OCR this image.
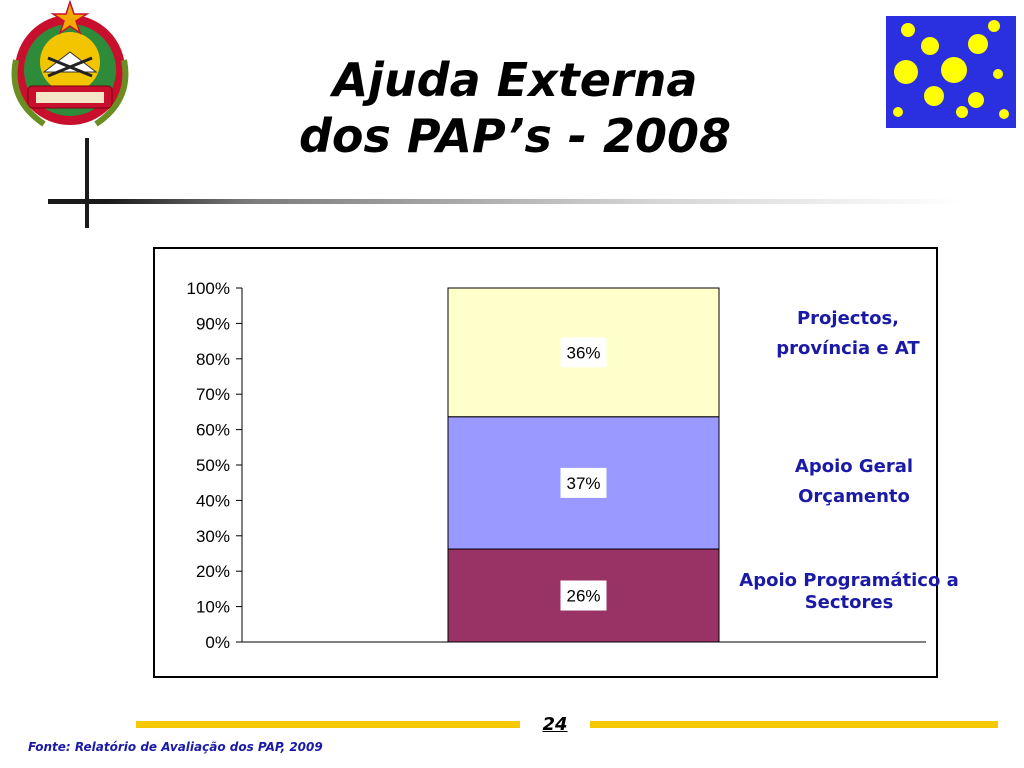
Ajuda Externa
dos PAP’s - 2008
0%
10%
20%
30%
40%
50%
60%
70%
80%
90%
100%
26%
37%
36%
Projectos,
província e AT
Apoio Geral
Orçamento
Apoio Programático a
Sectores
24
Fonte: Relatório de Avaliação dos PAP, 2009
